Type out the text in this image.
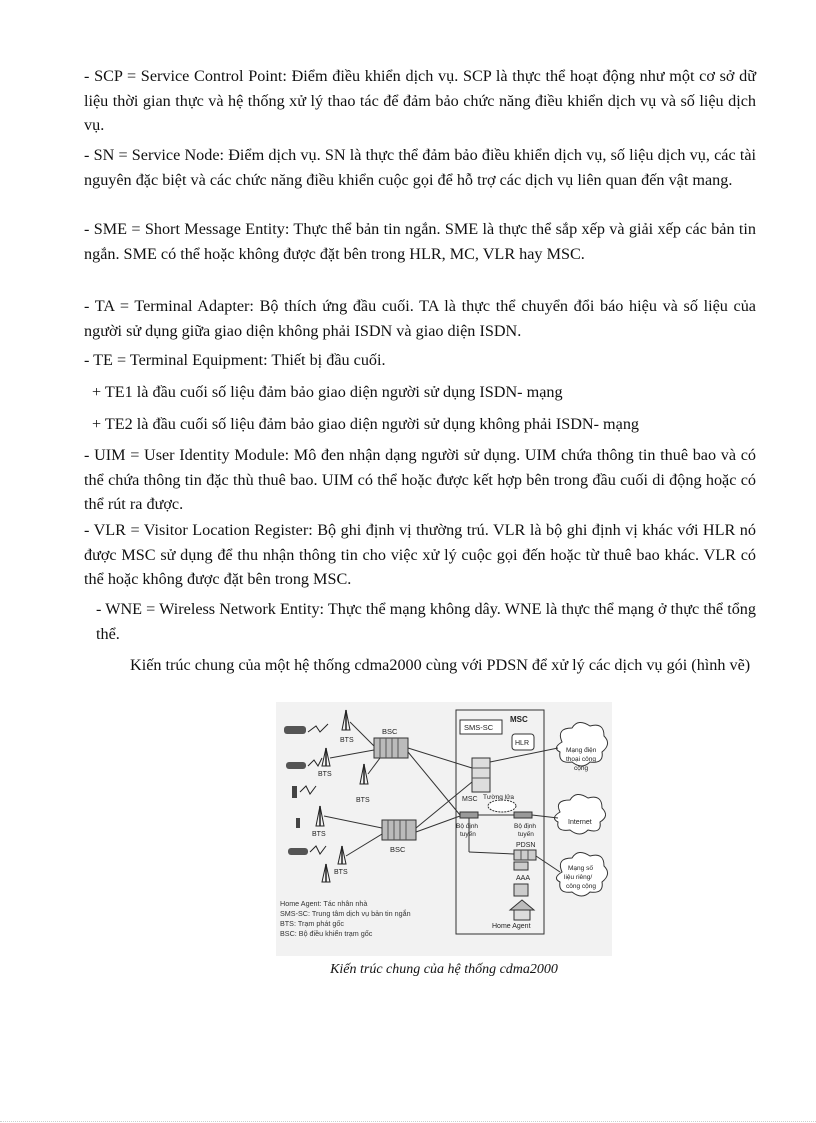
- SCP = Service Control Point: Điểm điều khiển dịch vụ. SCP là thực thể hoạt động như một cơ sở dữ liệu thời gian thực và hệ thống xử lý thao tác để đảm bảo chức năng điều khiển dịch vụ và số liệu dịch vụ.

- SN = Service Node: Điểm dịch vụ. SN là thực thể đảm bảo điều khiển dịch vụ, số liệu dịch vụ, các tài nguyên đặc biệt và các chức năng điều khiển cuộc gọi để hỗ trợ các dịch vụ liên quan đến vật mang.

- SME = Short Message Entity: Thực thể bản tin ngắn. SME là thực thể sắp xếp và giải xếp các bản tin ngắn. SME có thể hoặc không được đặt bên trong HLR, MC, VLR hay MSC.

- TA = Terminal Adapter: Bộ thích ứng đầu cuối. TA là thực thể chuyển đổi báo hiệu và số liệu của người sử dụng giữa giao diện không phải ISDN và giao diện ISDN.

- TE = Terminal Equipment: Thiết bị đầu cuối.

+ TE1 là đầu cuối số liệu đảm bảo giao diện người sử dụng ISDN- mạng

+ TE2 là đầu cuối số liệu đảm bảo giao diện người sử dụng không phải ISDN- mạng

- UIM = User Identity Module: Mô đen nhận dạng người sử dụng. UIM chứa thông tin thuê bao và có thể chứa thông tin đặc thù thuê bao. UIM có thể hoặc được kết hợp bên trong đầu cuối di động hoặc có thể rút ra được.

- VLR = Visitor Location Register: Bộ ghi định vị thường trú. VLR là bộ ghi định vị khác với HLR nó được MSC sử dụng để thu nhận thông tin cho việc xử lý cuộc gọi đến hoặc từ thuê bao khác. VLR có thể hoặc không được đặt bên trong MSC.

- WNE = Wireless Network Entity: Thực thể mạng không dây. WNE là thực thể mạng ở thực thể tổng thể.

Kiến trúc chung của một hệ thống cdma2000 cùng với PDSN để xử lý các dịch vụ gói (hình vẽ)

MSC
SMS-SC
HLR
MSC Tường lửa
Bộ định
tuyến
Bộ định
tuyến
PDSN
AAA
Home Agent
Mạng điện
thoại công
cộng
Internet
Mạng số
liệu riêng/
công cộng
BSC
BSC
BTS
BTS
BTS
BTS
BTS
Home Agent: Tác nhân nhà
SMS-SC: Trung tâm dịch vụ bản tin ngắn
BTS: Trạm phát gốc
BSC: Bộ điều khiển trạm gốc
Kiến trúc chung của hệ thống cdma2000
